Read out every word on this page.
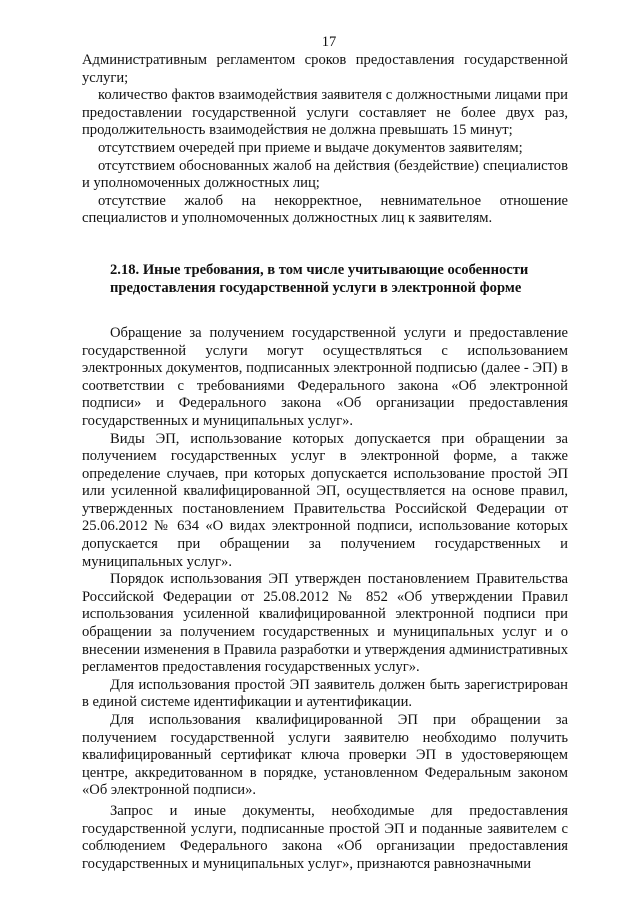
17

Административным регламентом сроков предоставления государственной услуги;

количество фактов взаимодействия заявителя с должностными лицами при предоставлении государственной услуги составляет не более двух раз, продолжительность взаимодействия не должна превышать 15 минут;

отсутствием очередей при приеме и выдаче документов заявителям;

отсутствием обоснованных жалоб на действия (бездействие) специалистов и уполномоченных должностных лиц;

отсутствие жалоб на некорректное, невнимательное отношение специалистов и уполномоченных должностных лиц к заявителям.

2.18. Иные требования, в том числе учитывающие особенности предоставления государственной услуги в электронной форме

Обращение за получением государственной услуги и предоставление государственной услуги могут осуществляться с использованием электронных документов, подписанных электронной подписью (далее - ЭП) в соответствии с требованиями Федерального закона «Об электронной подписи» и Федерального закона «Об организации предоставления государственных и муниципальных услуг».

Виды ЭП, использование которых допускается при обращении за получением государственных услуг в электронной форме, а также определение случаев, при которых допускается использование простой ЭП или усиленной квалифицированной ЭП, осуществляется на основе правил, утвержденных постановлением Правительства Российской Федерации от 25.06.2012 № 634 «О видах электронной подписи, использование которых допускается при обращении за получением государственных и муниципальных услуг».

Порядок использования ЭП утвержден постановлением Правительства Российской Федерации от 25.08.2012 № 852 «Об утверждении Правил использования усиленной квалифицированной электронной подписи при обращении за получением государственных и муниципальных услуг и о внесении изменения в Правила разработки и утверждения административных регламентов предоставления государственных услуг».

Для использования простой ЭП заявитель должен быть зарегистрирован в единой системе идентификации и аутентификации.

Для использования квалифицированной ЭП при обращении за получением государственной услуги заявителю необходимо получить квалифицированный сертификат ключа проверки ЭП в удостоверяющем центре, аккредитованном в порядке, установленном Федеральным законом «Об электронной подписи».

Запрос и иные документы, необходимые для предоставления государственной услуги, подписанные простой ЭП и поданные заявителем с соблюдением Федерального закона «Об организации предоставления государственных и муниципальных услуг», признаются равнозначными
